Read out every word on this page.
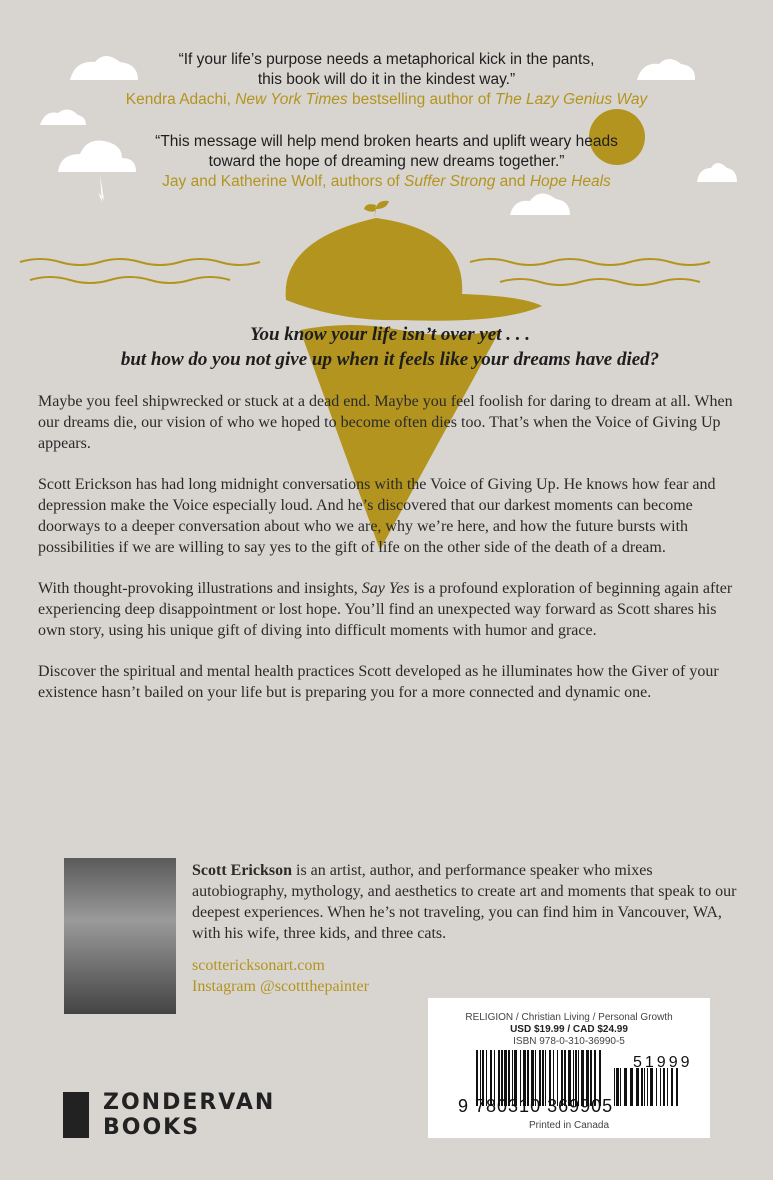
“If your life’s purpose needs a metaphorical kick in the pants,
this book will do it in the kindest way.”
Kendra Adachi, New York Times bestselling author of The Lazy Genius Way
“This message will help mend broken hearts and uplift weary heads
toward the hope of dreaming new dreams together.”
Jay and Katherine Wolf, authors of Suffer Strong and Hope Heals
You know your life isn’t over yet . . .
but how do you not give up when it feels like your dreams have died?

Maybe you feel shipwrecked or stuck at a dead end. Maybe you feel foolish for daring to dream at all. When our dreams die, our vision of who we hoped to become often dies too. That’s when the Voice of Giving Up appears.

Scott Erickson has had long midnight conversations with the Voice of Giving Up. He knows how fear and depression make the Voice especially loud. And he’s discovered that our darkest moments can become doorways to a deeper conversation about who we are, why we’re here, and how the future bursts with possibilities if we are willing to say yes to the gift of life on the other side of the death of a dream.

With thought-provoking illustrations and insights, Say Yes is a profound exploration of beginning again after experiencing deep disappointment or lost hope. You’ll find an unexpected way forward as Scott shares his own story, using his unique gift of diving into difficult moments with humor and grace.

Discover the spiritual and mental health practices Scott developed as he illuminates how the Giver of your existence hasn’t bailed on your life but is preparing you for a more connected and dynamic one.

Scott Erickson is an artist, author, and performance speaker who mixes autobiography, mythology, and aesthetics to create art and moments that speak to our deepest experiences. When he’s not traveling, you can find him in Vancouver, WA, with his wife, three kids, and three cats.
scottericksonart.com
Instagram @scottthepainter
RELIGION / Christian Living / Personal Growth
USD $19.99 / CAD $24.99
ISBN 978-0-310-36990-5
9 780310 369905
51999
Printed in Canada
ZONDERVAN
BOOKS
